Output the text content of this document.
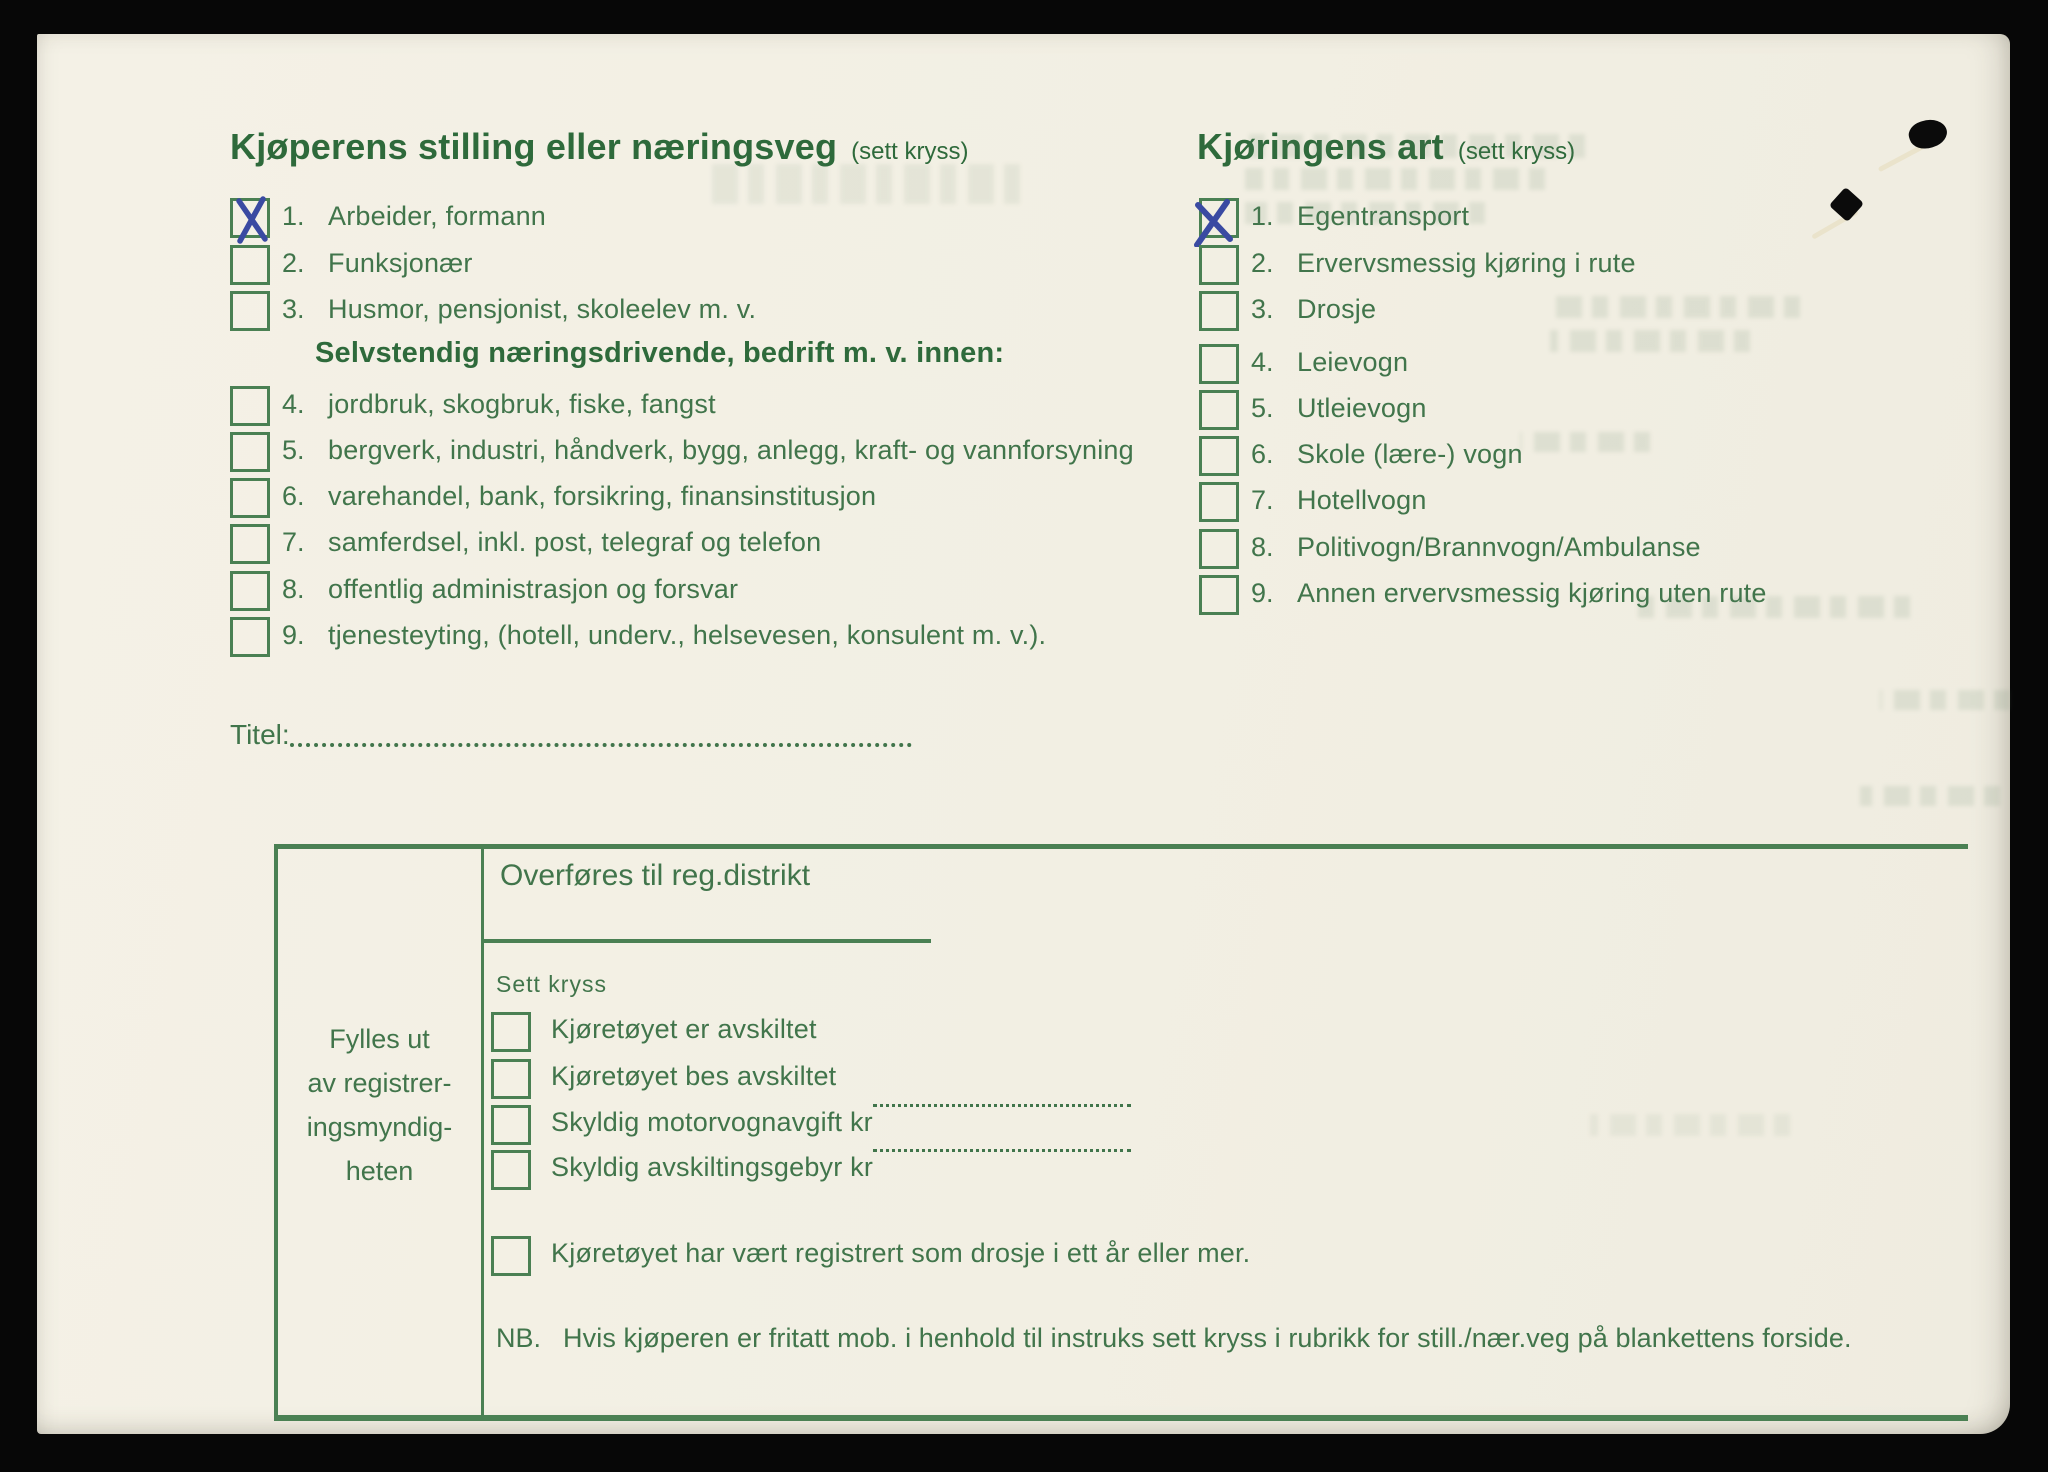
Kjøperens stilling eller næringsveg (sett kryss)
1. Arbeider, formann
2. Funksjonær
3. Husmor, pensjonist, skoleelev m. v.
Selvstendig næringsdrivende, bedrift m. v. innen:
4. jordbruk, skogbruk, fiske, fangst
5. bergverk, industri, håndverk, bygg, anlegg, kraft- og vannforsyning
6. varehandel, bank, forsikring, finansinstitusjon
7. samferdsel, inkl. post, telegraf og telefon
8. offentlig administrasjon og forsvar
9. tjenesteyting, (hotell, underv., helsevesen, konsulent m. v.).
Kjøringens art (sett kryss)
1. Egentransport
2. Ervervsmessig kjøring i rute
3. Drosje
4. Leievogn
5. Utleievogn
6. Skole (lære-) vogn
7. Hotellvogn
8. Politivogn/Brannvogn/Ambulanse
9. Annen ervervsmessig kjøring uten rute
Titel:
Fylles ut
av registrer-
ingsmyndig-
heten
Overføres til reg.distrikt
Sett kryss
Kjøretøyet er avskiltet
Kjøretøyet bes avskiltet
Skyldig motorvognavgift kr
Skyldig avskiltingsgebyr kr
Kjøretøyet har vært registrert som drosje i ett år eller mer.
NB. Hvis kjøperen er fritatt mob. i henhold til instruks sett kryss i rubrikk for still./nær.veg på blankettens forside.
